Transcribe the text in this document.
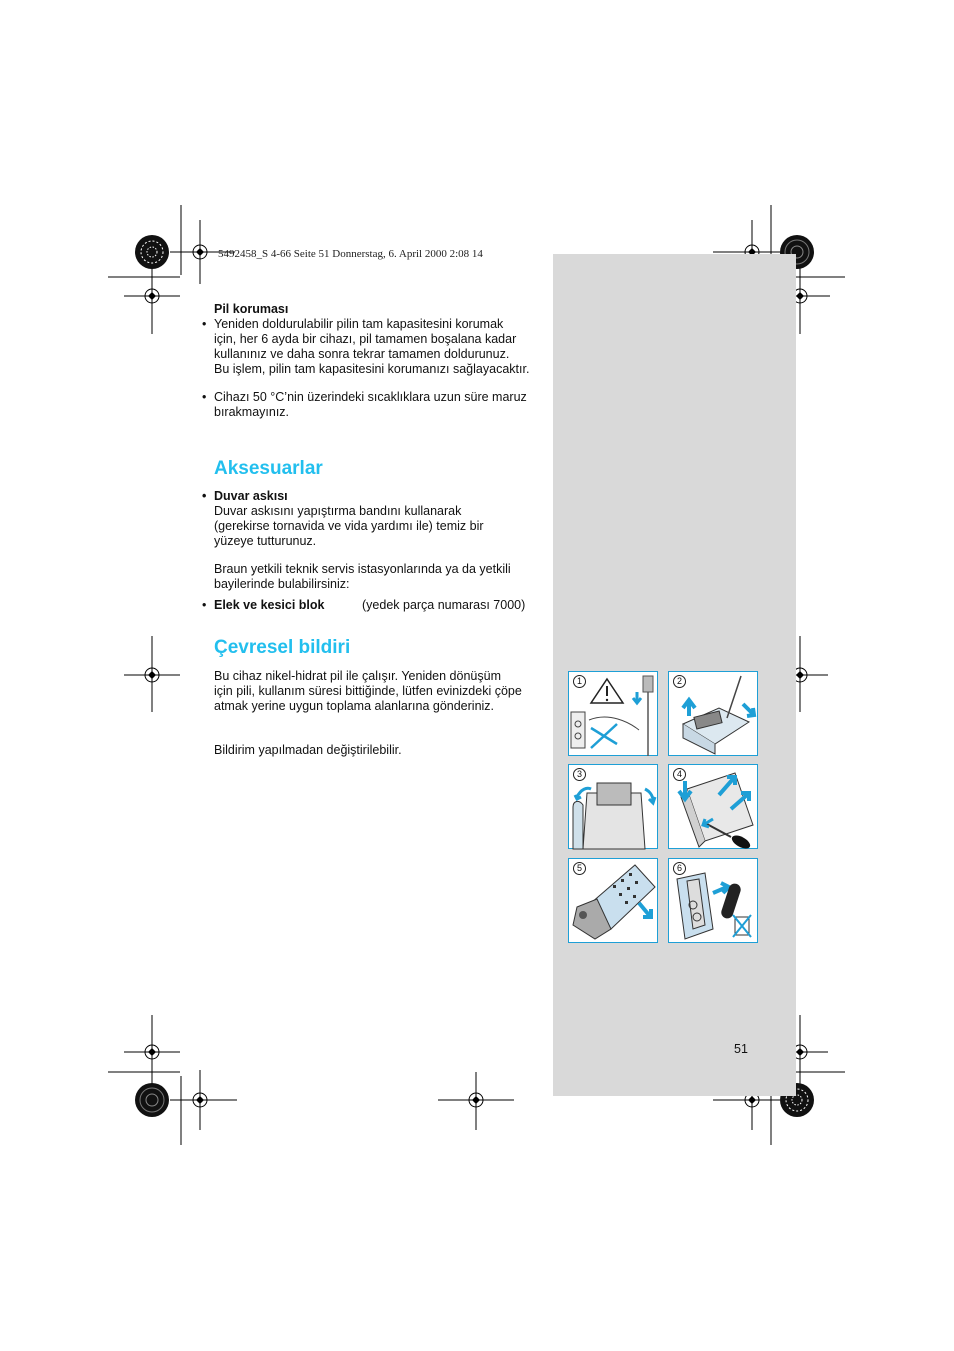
5492458_S 4-66 Seite 51 Donnerstag, 6. April 2000 2:08 14
Pil koruması
• Yeniden doldurulabilir pilin tam kapasitesini korumak
için, her 6 ayda bir cihazı, pil tamamen boşalana kadar
kullanınız ve daha sonra tekrar tamamen doldurunuz.
Bu işlem, pilin tam kapasitesini korumanızı sağlayacaktır.
• Cihazı 50 °C’nin üzerindeki sıcaklıklara uzun süre maruz
bırakmayınız.
Aksesuarlar
• Duvar askısı
Duvar askısını yapıştırma bandını kullanarak
(gerekirse tornavida ve vida yardımı ile) temiz bir
yüzeye tutturunuz.
Braun yetkili teknik servis istasyonlarında ya da yetkili
bayilerinde bulabilirsiniz:
• Elek ve kesici blok	(yedek parça numarası 7000)
Çevresel bildiri
Bu cihaz nikel-hidrat pil ile çalışır. Yeniden dönüşüm
için pili, kullanım süresi bittiğinde, lütfen evinizdeki çöpe
atmak yerine uygun toplama alanlarına gönderiniz.
Bildirim yapılmadan değiştirilebilir.
1	2
3	4
5	6
51
